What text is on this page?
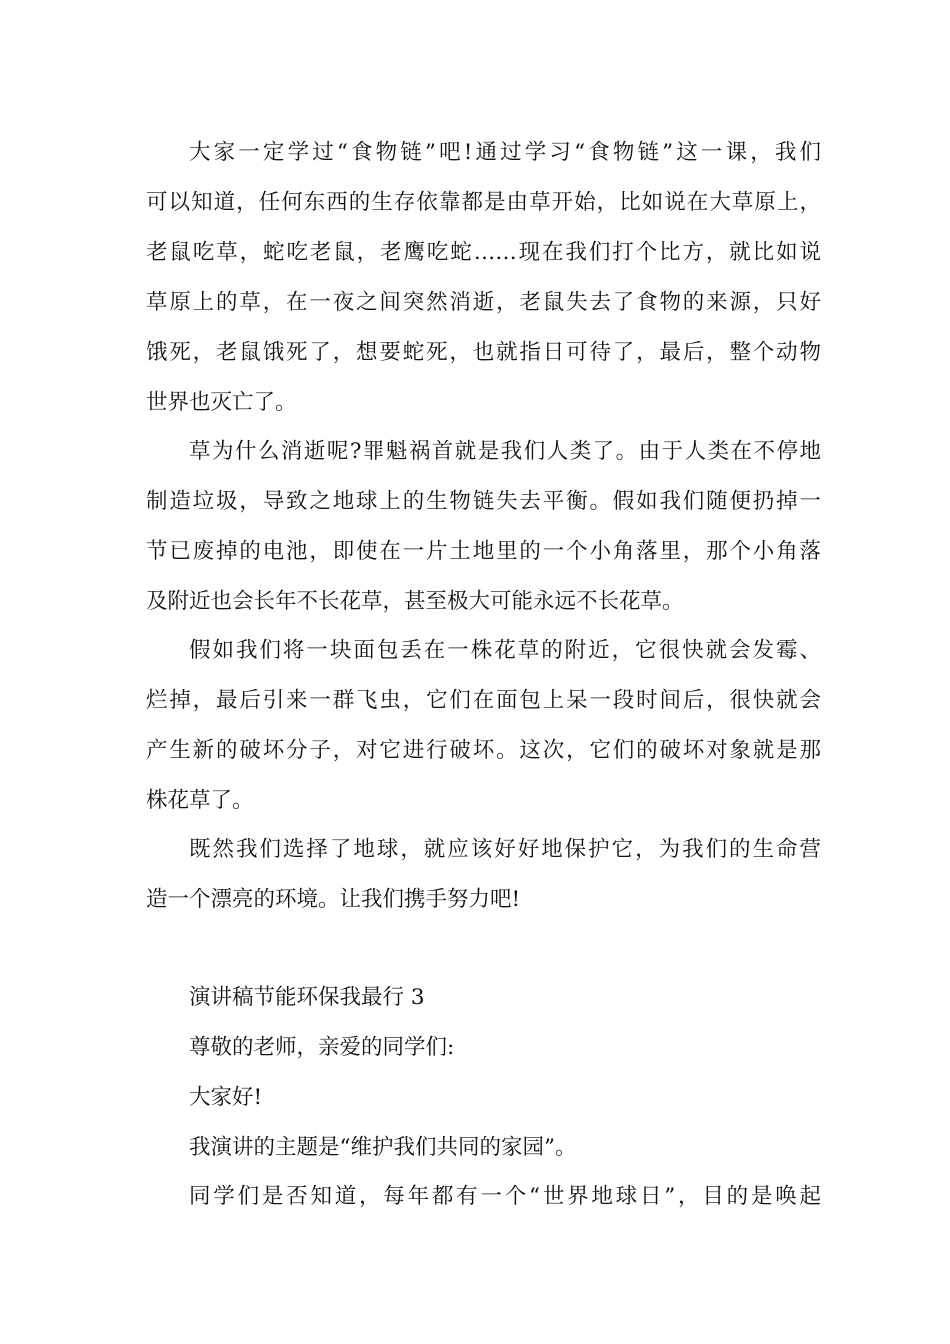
大家一定学过“食物链”吧!通过学习“食物链”这一课，我们
可以知道，任何东西的生存依靠都是由草开始，比如说在大草原上，
老鼠吃草，蛇吃老鼠，老鹰吃蛇……现在我们打个比方，就比如说
草原上的草，在一夜之间突然消逝，老鼠失去了食物的来源，只好
饿死，老鼠饿死了，想要蛇死，也就指日可待了，最后，整个动物
世界也灭亡了。
草为什么消逝呢?罪魁祸首就是我们人类了。由于人类在不停地
制造垃圾，导致之地球上的生物链失去平衡。假如我们随便扔掉一
节已废掉的电池，即使在一片土地里的一个小角落里，那个小角落
及附近也会长年不长花草，甚至极大可能永远不长花草。
假如我们将一块面包丢在一株花草的附近，它很快就会发霉、
烂掉，最后引来一群飞虫，它们在面包上呆一段时间后，很快就会
产生新的破坏分子，对它进行破坏。这次，它们的破坏对象就是那
株花草了。
既然我们选择了地球，就应该好好地保护它，为我们的生命营
造一个漂亮的环境。让我们携手努力吧!
演讲稿节能环保我最行 3
尊敬的老师，亲爱的同学们:
大家好!
我演讲的主题是“维护我们共同的家园”。
同学们是否知道，每年都有一个“世界地球日”，目的是唤起
